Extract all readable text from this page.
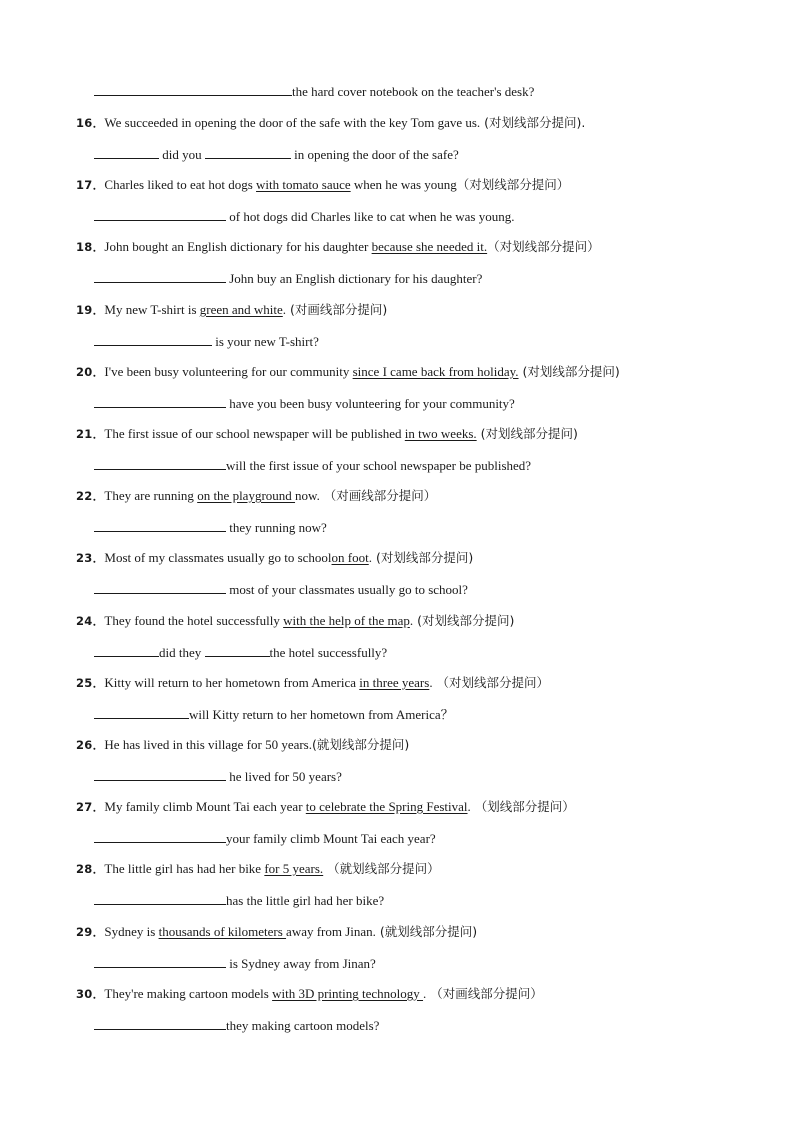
the hard cover notebook on the teacher's desk?
16．We succeeded in opening the door of the safe with the key Tom gave us. (对划线部分提问).
did you	in opening the door of the safe?
17．Charles liked to eat hot dogs with tomato sauce when he was young（对划线部分提问）
of hot dogs did Charles like to cat when he was young.
18．John bought an English dictionary for his daughter because she needed it.（对划线部分提问）
John buy an English dictionary for his daughter?
19．My new T-shirt is green and white. (对画线部分提问)
is your new T-shirt?
20．I've been busy volunteering for our community since I came back from holiday. (对划线部分提问)
have you been busy volunteering for your community?
21．The first issue of our school newspaper will be published in two weeks. (对划线部分提问)
will the first issue of your school newspaper be published?
22．They are running on the playground now. （对画线部分提问）
they running now?
23．Most of my classmates usually go to schoolon foot. (对划线部分提问)
most of your classmates usually go to school?
24．They found the hotel successfully with the help of the map. (对划线部分提问)
did they	the hotel successfully?
25．Kitty will return to her hometown from America in three years. （对划线部分提问）
will Kitty return to her hometown from America？
26．He has lived in this village for 50 years.(就划线部分提问)
he lived for 50 years?
27．My family climb Mount Tai each year to celebrate the Spring Festival. （划线部分提问）
your family climb Mount Tai each year?
28．The little girl has had her bike for 5 years. （就划线部分提问）
has the little girl had her bike?
29．Sydney is thousands of kilometers away from Jinan. (就划线部分提问)
is Sydney away from Jinan?
30．They're making cartoon models with 3D printing technology . （对画线部分提问）
they making cartoon models?
